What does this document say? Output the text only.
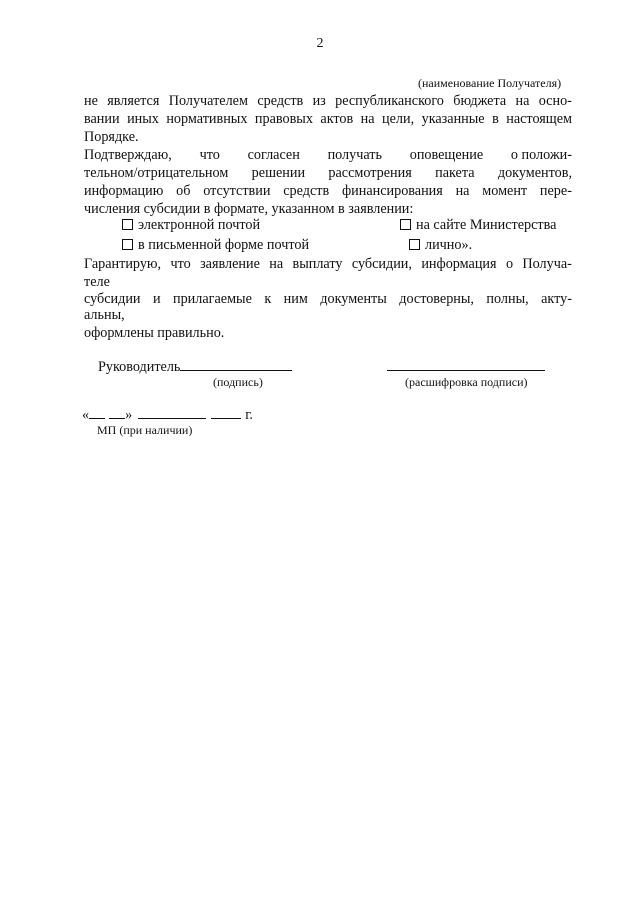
2
(наименование Получателя)
не является Получателем средств из республиканского бюджета на осно-
вании иных нормативных правовых актов на цели, указанные в настоящем
Порядке.
Подтверждаю, что согласен получать оповещение о положи-
тельном/отрицательном решении рассмотрения пакета документов,
информацию об отсутствии средств финансирования на момент пере-
числения субсидии в формате, указанном в заявлении:
электронной почтой	на сайте Министерства
в письменной форме почтой	лично».
Гарантирую, что заявление на выплату субсидии, информация о Получа-
теле
субсидии и прилагаемые к ним документы достоверны, полны, акту-
альны,
оформлены правильно.
Руководитель
(подпись)	(расшифровка подписи)
«	»	г.
МП (при наличии)
